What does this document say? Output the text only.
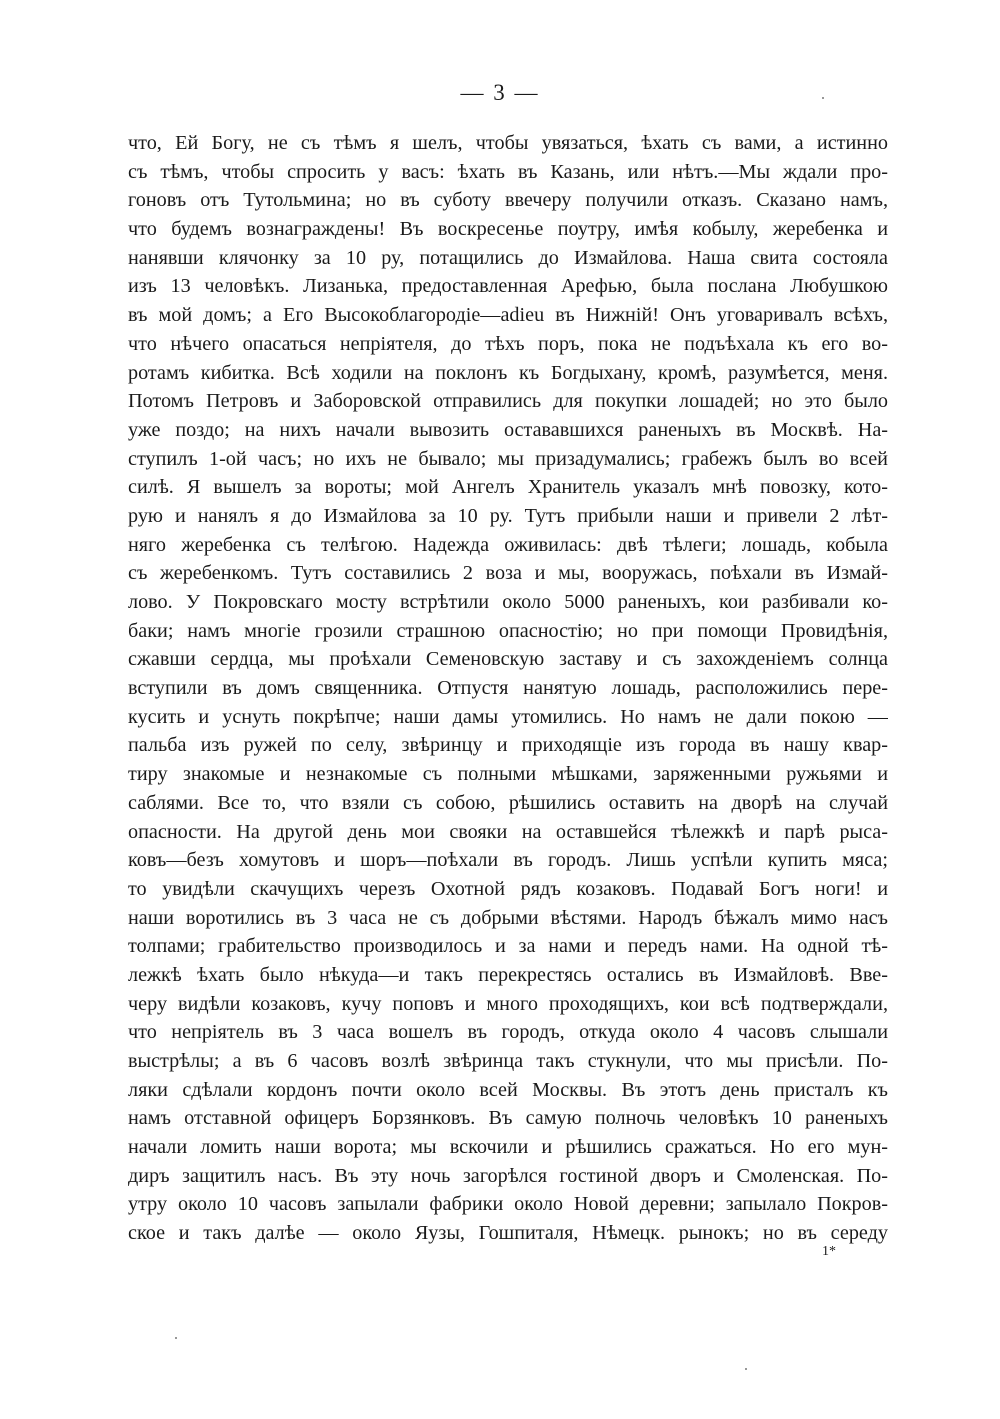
— 3 —
что, Ей Богу, не съ тѣмъ я шелъ, чтобы увязаться, ѣхать съ вами, а истинно
съ тѣмъ, чтобы спросить у васъ: ѣхать въ Казань, или нѣтъ.—Мы ждали про-
гоновъ отъ Тутольмина; но въ суботу ввечеру получили отказъ. Сказано намъ,
что будемъ вознаграждены! Въ воскресенье поутру, имѣя кобылу, жеребенка и
нанявши клячонку за 10 ру, потащились до Измайлова. Наша свита состояла
изъ 13 человѣкъ. Лизанька, предоставленная Арефью, была послана Любушкою
въ мой домъ; а Его Высокоблагородіе—adieu въ Нижній! Онъ уговаривалъ всѣхъ,
что нѣчего опасаться непріятеля, до тѣхъ поръ, пока не подъѣхала къ его во-
ротамъ кибитка. Всѣ ходили на поклонъ къ Богдыхану, кромѣ, разумѣется, меня.
Потомъ Петровъ и Заборовской отправились для покупки лошадей; но это было
уже поздо; на нихъ начали вывозить остававшихся раненыхъ въ Москвѣ. На-
ступилъ 1-ой часъ; но ихъ не бывало; мы призадумались; грабежъ былъ во всей
силѣ. Я вышелъ за вороты; мой Ангелъ Хранитель указалъ мнѣ повозку, кото-
рую и нанялъ я до Измайлова за 10 ру. Тутъ прибыли наши и привели 2 лѣт-
няго жеребенка съ телѣгою. Надежда оживилась: двѣ тѣлеги; лошадь, кобыла
съ жеребенкомъ. Тутъ составились 2 воза и мы, вооружась, поѣхали въ Измай-
лово. У Покровскаго мосту встрѣтили около 5000 раненыхъ, кои разбивали ко-
баки; намъ многіе грозили страшною опасностію; но при помощи Провидѣнія,
сжавши сердца, мы проѣхали Семеновскую заставу и съ захожденіемъ солнца
вступили въ домъ священника. Отпустя нанятую лошадь, расположились пере-
кусить и уснуть покрѣпче; наши дамы утомились. Но намъ не дали покою —
пальба изъ ружей по селу, звѣринцу и приходящіе изъ города въ нашу квар-
тиру знакомые и незнакомые съ полными мѣшками, заряженными ружьями и
саблями. Все то, что взяли съ собою, рѣшились оставить на дворѣ на случай
опасности. На другой день мои свояки на оставшейся тѣлежкѣ и парѣ рыса-
ковъ—безъ хомутовъ и шоръ—поѣхали въ городъ. Лишь успѣли купить мяса;
то увидѣли скачущихъ черезъ Охотной рядъ козаковъ. Подавай Богъ ноги! и
наши воротились въ 3 часа не съ добрыми вѣстями. Народъ бѣжалъ мимо насъ
толпами; грабительство производилось и за нами и передъ нами. На одной тѣ-
лежкѣ ѣхать было нѣкуда—и такъ перекрестясь остались въ Измайловѣ. Вве-
черу видѣли козаковъ, кучу поповъ и много проходящихъ, кои всѣ подтверждали,
что непріятель въ 3 часа вошелъ въ городъ, откуда около 4 часовъ слышали
выстрѣлы; а въ 6 часовъ возлѣ звѣринца такъ стукнули, что мы присѣли. По-
ляки сдѣлали кордонъ почти около всей Москвы. Въ этотъ день присталъ къ
намъ отставной офицеръ Борзянковъ. Въ самую полночь человѣкъ 10 раненыхъ
начали ломить наши ворота; мы вскочили и рѣшились сражаться. Но его мун-
диръ защитилъ насъ. Въ эту ночь загорѣлся гостиной дворъ и Смоленская. По-
утру около 10 часовъ запылали фабрики около Новой деревни; запылало Покров-
ское и такъ далѣе — около Яузы, Гошпиталя, Нѣмецк. рынокъ; но въ середу
1*
